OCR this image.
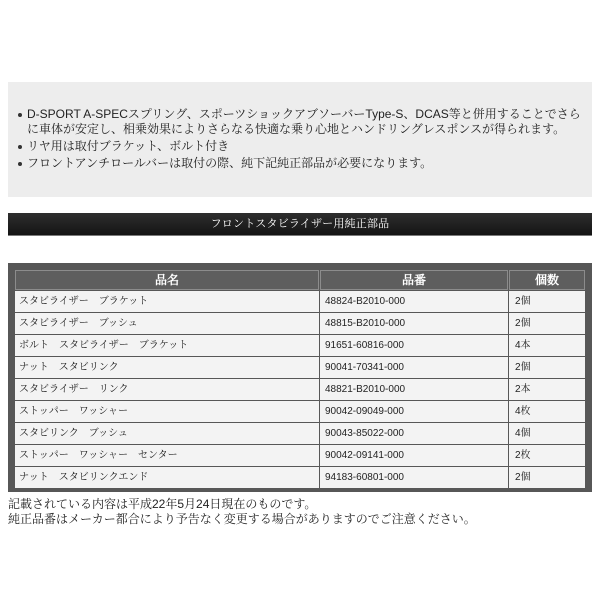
D-SPORT A-SPECスプリング、スポーツショックアブソーバーType-S、DCAS等と併用することでさらに車体が安定し、相乗効果によりさらなる快適な乗り心地とハンドリングレスポンスが得られます。
リヤ用は取付ブラケット、ボルト付き
フロントアンチロールバーは取付の際、純下記純正部品が必要になります。
フロントスタビライザー用純正部品
品名	品番	個数
スタビライザー　ブラケット	48824-B2010-000	2個
スタビライザー　ブッシュ	48815-B2010-000	2個
ボルト　スタビライザー　ブラケット	91651-60816-000	4本
ナット　スタビリンク	90041-70341-000	2個
スタビライザー　リンク	48821-B2010-000	2本
ストッパー　ワッシャー	90042-09049-000	4枚
スタビリンク　ブッシュ	90043-85022-000	4個
ストッパー　ワッシャー　センター	90042-09141-000	2枚
ナット　スタビリンクエンド	94183-60801-000	2個
記載されている内容は平成22年5月24日現在のものです。
純正品番はメーカー都合により予告なく変更する場合がありますのでご注意ください。
